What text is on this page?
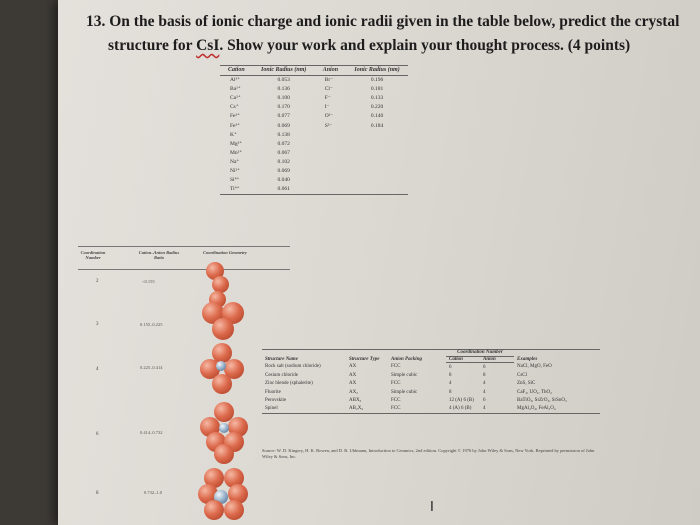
13. On the basis of ionic charge and ionic radii given in the table below, predict the crystal
structure for CsI. Show your work and explain your thought process. (4 points)
Cation	Ionic Radius (nm)	Anion	Ionic Radius (nm)
Al³⁺	0.053	Br⁻	0.196
Ba²⁺	0.136	Cl⁻	0.181
Ca²⁺	0.100	F⁻	0.133
Cs⁺	0.170	I⁻	0.220
Fe²⁺	0.077	O²⁻	0.140
Fe³⁺	0.069	S²⁻	0.184
K⁺	0.138		
Mg²⁺	0.072		
Mn²⁺	0.067		
Na⁺	0.102		
Ni²⁺	0.069		
Si⁴⁺	0.040		
Ti⁴⁺	0.061		
Coordination Number
Cation–Anion Radius Ratio
Coordination Geometry
2	<0.155
3	0.155–0.225
4	0.225–0.414
6	0.414–0.732
8	0.732–1.0
Structure Name	Structure Type	Anion Packing	Coordination Number		Examples
			Cation	Anion	
Rock salt (sodium chloride)	AX	FCC	6	6	NaCl, MgO, FeO
Cesium chloride	AX	Simple cubic	8	8	CsCl
Zinc blende (sphalerite)	AX	FCC	4	4	ZnS, SiC
Fluorite	AX₂	Simple cubic	8	4	CaF₂, UO₂, ThO₂
Perovskite	ABX₃	FCC	12 (A) 6 (B)	6	BaTiO₃, SrZrO₃, SrSnO₃
Spinel	AB₂X₄	FCC	4 (A) 6 (B)	4	MgAl₂O₄, FeAl₂O₄
Source: W. D. Kingery, H. K. Bowen, and D. R. Uhlmann, Introduction to Ceramics, 2nd edition. Copyright © 1976 by John Wiley & Sons, New York. Reprinted by permission of John Wiley & Sons, Inc.
I
